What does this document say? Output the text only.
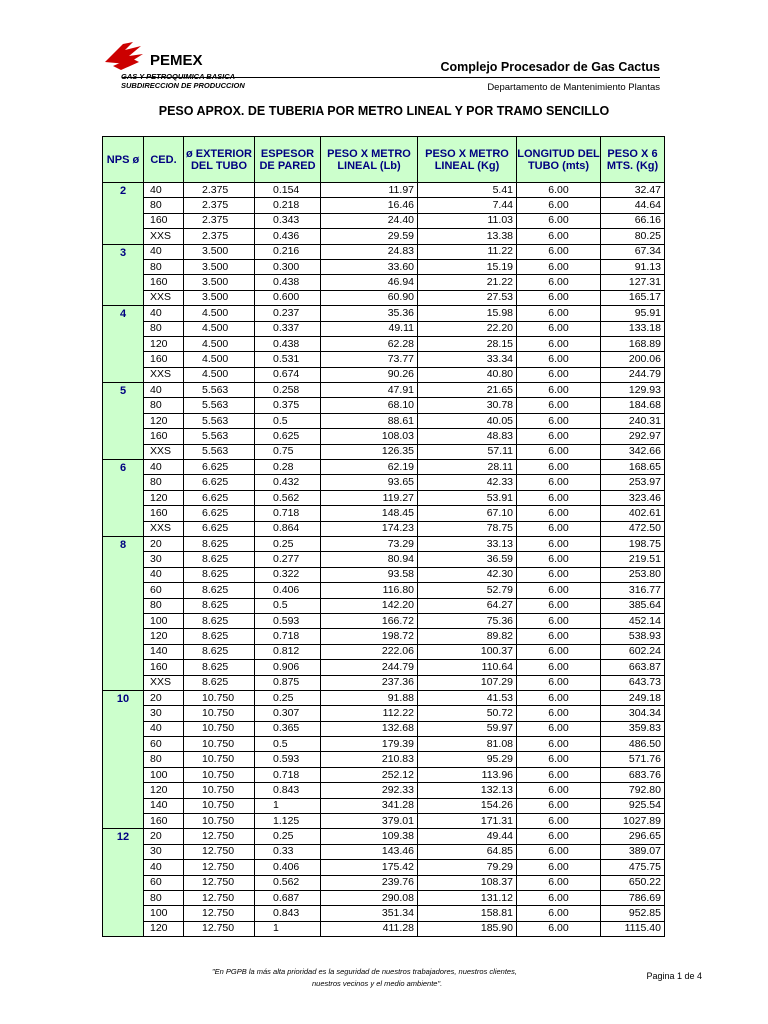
PEMEX
SUBDIRECCION DE PRODUCCION
Complejo Procesador de Gas Cactus
Departamento de Mantenimiento Plantas
PESO APROX. DE TUBERIA POR METRO LINEAL Y POR TRAMO SENCILLO
NPS ø	CED.	ø EXTERIOR DEL TUBO	ESPESOR DE PARED	PESO X METRO LINEAL (Lb)	PESO X METRO LINEAL (Kg)	LONGITUD DEL TUBO (mts)	PESO X 6 MTS. (Kg)
2	40	2.375	0.154	11.97	5.41	6.00	32.47
	80	2.375	0.218	16.46	7.44	6.00	44.64
	160	2.375	0.343	24.40	11.03	6.00	66.16
	XXS	2.375	0.436	29.59	13.38	6.00	80.25
3	40	3.500	0.216	24.83	11.22	6.00	67.34
	80	3.500	0.300	33.60	15.19	6.00	91.13
	160	3.500	0.438	46.94	21.22	6.00	127.31
	XXS	3.500	0.600	60.90	27.53	6.00	165.17
4	40	4.500	0.237	35.36	15.98	6.00	95.91
	80	4.500	0.337	49.11	22.20	6.00	133.18
	120	4.500	0.438	62.28	28.15	6.00	168.89
	160	4.500	0.531	73.77	33.34	6.00	200.06
	XXS	4.500	0.674	90.26	40.80	6.00	244.79
5	40	5.563	0.258	47.91	21.65	6.00	129.93
	80	5.563	0.375	68.10	30.78	6.00	184.68
	120	5.563	0.5	88.61	40.05	6.00	240.31
	160	5.563	0.625	108.03	48.83	6.00	292.97
	XXS	5.563	0.75	126.35	57.11	6.00	342.66
6	40	6.625	0.28	62.19	28.11	6.00	168.65
	80	6.625	0.432	93.65	42.33	6.00	253.97
	120	6.625	0.562	119.27	53.91	6.00	323.46
	160	6.625	0.718	148.45	67.10	6.00	402.61
	XXS	6.625	0.864	174.23	78.75	6.00	472.50
8	20	8.625	0.25	73.29	33.13	6.00	198.75
	30	8.625	0.277	80.94	36.59	6.00	219.51
	40	8.625	0.322	93.58	42.30	6.00	253.80
	60	8.625	0.406	116.80	52.79	6.00	316.77
	80	8.625	0.5	142.20	64.27	6.00	385.64
	100	8.625	0.593	166.72	75.36	6.00	452.14
	120	8.625	0.718	198.72	89.82	6.00	538.93
	140	8.625	0.812	222.06	100.37	6.00	602.24
	160	8.625	0.906	244.79	110.64	6.00	663.87
	XXS	8.625	0.875	237.36	107.29	6.00	643.73
10	20	10.750	0.25	91.88	41.53	6.00	249.18
	30	10.750	0.307	112.22	50.72	6.00	304.34
	40	10.750	0.365	132.68	59.97	6.00	359.83
	60	10.750	0.5	179.39	81.08	6.00	486.50
	80	10.750	0.593	210.83	95.29	6.00	571.76
	100	10.750	0.718	252.12	113.96	6.00	683.76
	120	10.750	0.843	292.33	132.13	6.00	792.80
	140	10.750	1	341.28	154.26	6.00	925.54
	160	10.750	1.125	379.01	171.31	6.00	1027.89
12	20	12.750	0.25	109.38	49.44	6.00	296.65
	30	12.750	0.33	143.46	64.85	6.00	389.07
	40	12.750	0.406	175.42	79.29	6.00	475.75
	60	12.750	0.562	239.76	108.37	6.00	650.22
	80	12.750	0.687	290.08	131.12	6.00	786.69
	100	12.750	0.843	351.34	158.81	6.00	952.85
	120	12.750	1	411.28	185.90	6.00	1115.40
"En PGPB la más alta prioridad es la seguridad de nuestros trabajadores, nuestros clientes,
nuestros vecinos y el medio ambiente".
Pagina 1 de 4
